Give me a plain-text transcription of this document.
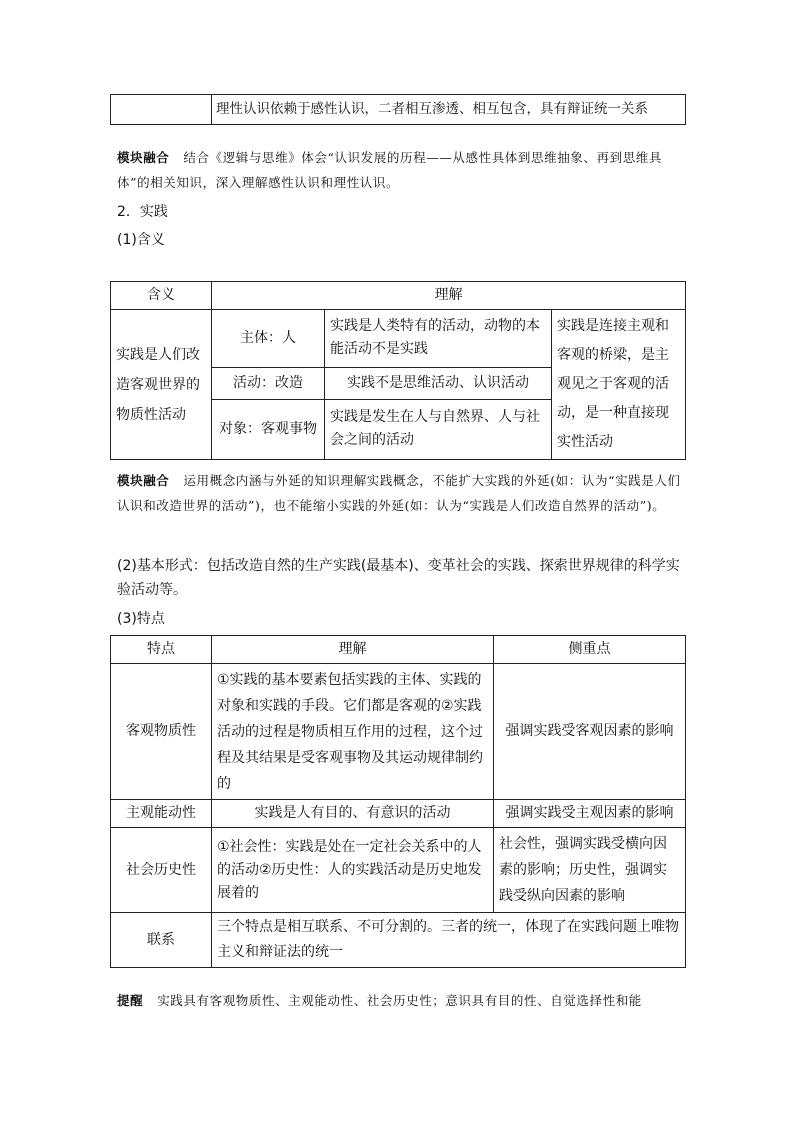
	理性认识依赖于感性认识，二者相互渗透、相互包含，具有辩证统一关系

模块融合 结合《逻辑与思维》体会“认识发展的历程——从感性具体到思维抽象、再到思维具体”的相关知识，深入理解感性认识和理性认识。

2．实践

(1)含义

含义	理解		
实践是人们改造客观世界的物质性活动	主体：人	实践是人类特有的活动，动物的本能活动不是实践	实践是连接主观和客观的桥梁，是主观见之于客观的活动，是一种直接现实性活动
	活动：改造	实践不是思维活动、认识活动	
	对象：客观事物	实践是发生在人与自然界、人与社会之间的活动	

模块融合 运用概念内涵与外延的知识理解实践概念，不能扩大实践的外延(如：认为“实践是人们认识和改造世界的活动”)，也不能缩小实践的外延(如：认为“实践是人们改造自然界的活动”)。

(2)基本形式：包括改造自然的生产实践(最基本)、变革社会的实践、探索世界规律的科学实验活动等。

(3)特点

特点	理解	侧重点
客观物质性	①实践的基本要素包括实践的主体、实践的对象和实践的手段。它们都是客观的②实践活动的过程是物质相互作用的过程，这个过程及其结果是受客观事物及其运动规律制约的	强调实践受客观因素的影响
主观能动性	实践是人有目的、有意识的活动	强调实践受主观因素的影响
社会历史性	①社会性：实践是处在一定社会关系中的人的活动②历史性：人的实践活动是历史地发展着的	社会性，强调实践受横向因素的影响；历史性，强调实践受纵向因素的影响
联系	三个特点是相互联系、不可分割的。三者的统一，体现了在实践问题上唯物主义和辩证法的统一	

提醒 实践具有客观物质性、主观能动性、社会历史性；意识具有目的性、自觉选择性和能
